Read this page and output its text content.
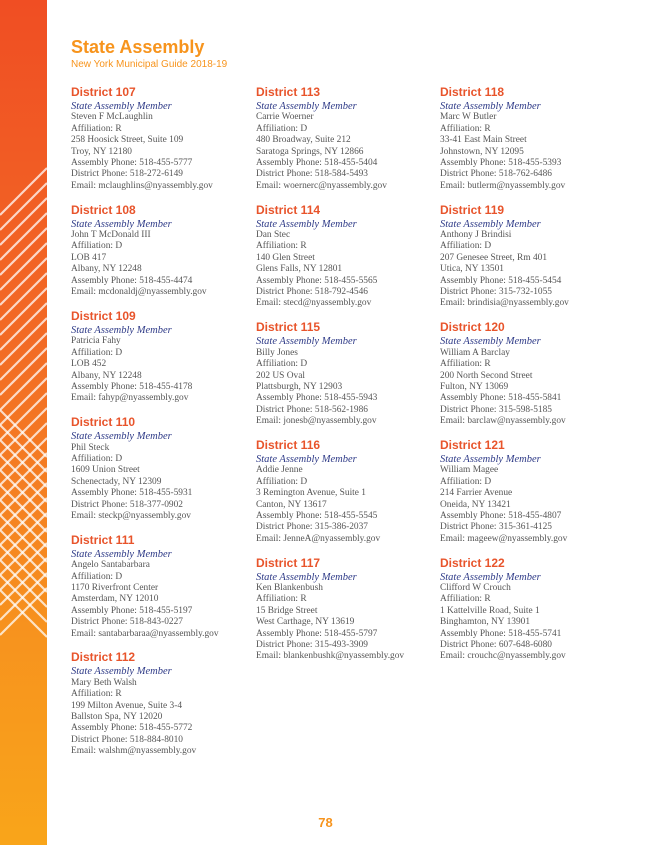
State Assembly
New York Municipal Guide 2018-19
District 107
State Assembly Member
Steven F McLaughlin
Affiliation: R
258 Hoosick Street, Suite 109
Troy, NY 12180
Assembly Phone: 518-455-5777
District Phone: 518-272-6149
Email: mclaughlins@nyassembly.gov
District 108
State Assembly Member
John T McDonald III
Affiliation: D
LOB 417
Albany, NY 12248
Assembly Phone: 518-455-4474
Email: mcdonaldj@nyassembly.gov
District 109
State Assembly Member
Patricia Fahy
Affiliation: D
LOB 452
Albany, NY 12248
Assembly Phone: 518-455-4178
Email: fahyp@nyassembly.gov
District 110
State Assembly Member
Phil Steck
Affiliation: D
1609 Union Street
Schenectady, NY 12309
Assembly Phone: 518-455-5931
District Phone: 518-377-0902
Email: steckp@nyassembly.gov
District 111
State Assembly Member
Angelo Santabarbara
Affiliation: D
1170 Riverfront Center
Amsterdam, NY 12010
Assembly Phone: 518-455-5197
District Phone: 518-843-0227
Email: santabarbaraa@nyassembly.gov
District 112
State Assembly Member
Mary Beth Walsh
Affiliation: R
199 Milton Avenue, Suite 3-4
Ballston Spa, NY 12020
Assembly Phone: 518-455-5772
District Phone: 518-884-8010
Email: walshm@nyassembly.gov
District 113
State Assembly Member
Carrie Woerner
Affiliation: D
480 Broadway, Suite 212
Saratoga Springs, NY 12866
Assembly Phone: 518-455-5404
District Phone: 518-584-5493
Email: woernerc@nyassembly.gov
District 114
State Assembly Member
Dan Stec
Affiliation: R
140 Glen Street
Glens Falls, NY 12801
Assembly Phone: 518-455-5565
District Phone: 518-792-4546
Email: stecd@nyassembly.gov
District 115
State Assembly Member
Billy Jones
Affiliation: D
202 US Oval
Plattsburgh, NY 12903
Assembly Phone: 518-455-5943
District Phone: 518-562-1986
Email: jonesb@nyassembly.gov
District 116
State Assembly Member
Addie Jenne
Affiliation: D
3 Remington Avenue, Suite 1
Canton, NY 13617
Assembly Phone: 518-455-5545
District Phone: 315-386-2037
Email: JenneA@nyassembly.gov
District 117
State Assembly Member
Ken Blankenbush
Affiliation: R
15 Bridge Street
West Carthage, NY 13619
Assembly Phone: 518-455-5797
District Phone: 315-493-3909
Email: blankenbushk@nyassembly.gov
District 118
State Assembly Member
Marc W Butler
Affiliation: R
33-41 East Main Street
Johnstown, NY 12095
Assembly Phone: 518-455-5393
District Phone: 518-762-6486
Email: butlerm@nyassembly.gov
District 119
State Assembly Member
Anthony J Brindisi
Affiliation: D
207 Genesee Street, Rm 401
Utica, NY 13501
Assembly Phone: 518-455-5454
District Phone: 315-732-1055
Email: brindisia@nyassembly.gov
District 120
State Assembly Member
William A Barclay
Affiliation: R
200 North Second Street
Fulton, NY 13069
Assembly Phone: 518-455-5841
District Phone: 315-598-5185
Email: barclaw@nyassembly.gov
District 121
State Assembly Member
William Magee
Affiliation: D
214 Farrier Avenue
Oneida, NY 13421
Assembly Phone: 518-455-4807
District Phone: 315-361-4125
Email: mageew@nyassembly.gov
District 122
State Assembly Member
Clifford W Crouch
Affiliation: R
1 Kattelville Road, Suite 1
Binghamton, NY 13901
Assembly Phone: 518-455-5741
District Phone: 607-648-6080
Email: crouchc@nyassembly.gov
78
